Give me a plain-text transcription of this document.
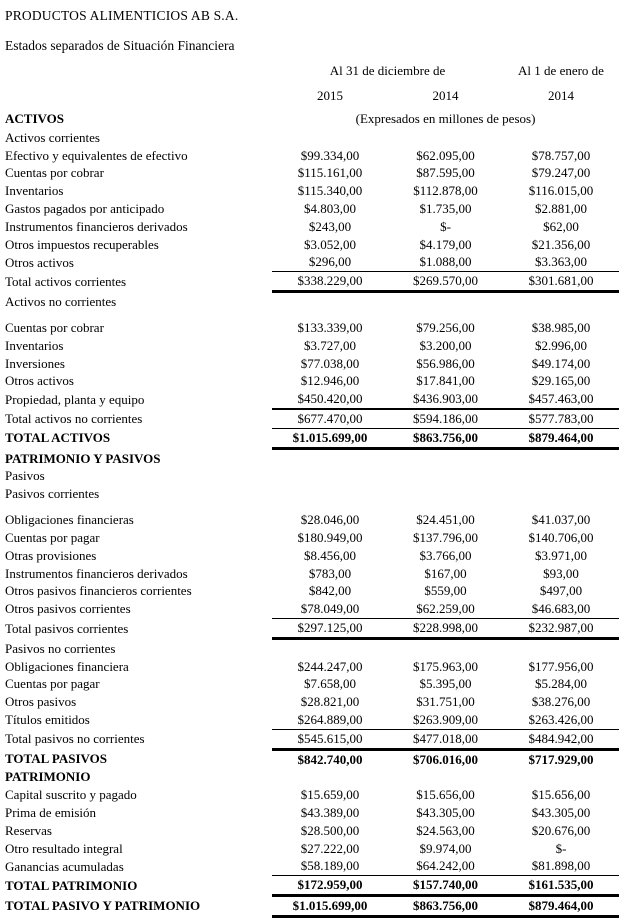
PRODUCTOS ALIMENTICIOS AB S.A.
Estados separados de Situación Financiera
	Al 31 de diciembre de		Al 1 de enero de
	2015	2014	2014
ACTIVOS	(Expresados en millones de pesos)		
Activos corrientes			
Efectivo y equivalentes de efectivo	$99.334,00	$62.095,00	$78.757,00
Cuentas por cobrar	$115.161,00	$87.595,00	$79.247,00
Inventarios	$115.340,00	$112.878,00	$116.015,00
Gastos pagados por anticipado	$4.803,00	$1.735,00	$2.881,00
Instrumentos financieros derivados	$243,00	$-	$62,00
Otros impuestos recuperables	$3.052,00	$4.179,00	$21.356,00
Otros activos	$296,00	$1.088,00	$3.363,00
Total activos corrientes	$338.229,00	$269.570,00	$301.681,00
Activos no corrientes			
Cuentas por cobrar	$133.339,00	$79.256,00	$38.985,00
Inventarios	$3.727,00	$3.200,00	$2.996,00
Inversiones	$77.038,00	$56.986,00	$49.174,00
Otros activos	$12.946,00	$17.841,00	$29.165,00
Propiedad, planta y equipo	$450.420,00	$436.903,00	$457.463,00
Total activos no corrientes	$677.470,00	$594.186,00	$577.783,00
TOTAL ACTIVOS	$1.015.699,00	$863.756,00	$879.464,00
PATRIMONIO Y PASIVOS			
Pasivos			
Pasivos corrientes			
Obligaciones financieras	$28.046,00	$24.451,00	$41.037,00
Cuentas por pagar	$180.949,00	$137.796,00	$140.706,00
Otras provisiones	$8.456,00	$3.766,00	$3.971,00
Instrumentos financieros derivados	$783,00	$167,00	$93,00
Otros pasivos financieros corrientes	$842,00	$559,00	$497,00
Otros pasivos corrientes	$78.049,00	$62.259,00	$46.683,00
Total pasivos corrientes	$297.125,00	$228.998,00	$232.987,00
Pasivos no corrientes			
Obligaciones financiera	$244.247,00	$175.963,00	$177.956,00
Cuentas por pagar	$7.658,00	$5.395,00	$5.284,00
Otros pasivos	$28.821,00	$31.751,00	$38.276,00
Títulos emitidos	$264.889,00	$263.909,00	$263.426,00
Total pasivos no corrientes	$545.615,00	$477.018,00	$484.942,00
TOTAL PASIVOS	$842.740,00	$706.016,00	$717.929,00
PATRIMONIO			
Capital suscrito y pagado	$15.659,00	$15.656,00	$15.656,00
Prima de emisión	$43.389,00	$43.305,00	$43.305,00
Reservas	$28.500,00	$24.563,00	$20.676,00
Otro resultado integral	$27.222,00	$9.974,00	$-
Ganancias acumuladas	$58.189,00	$64.242,00	$81.898,00
TOTAL PATRIMONIO	$172.959,00	$157.740,00	$161.535,00
TOTAL PASIVO Y PATRIMONIO	$1.015.699,00	$863.756,00	$879.464,00
